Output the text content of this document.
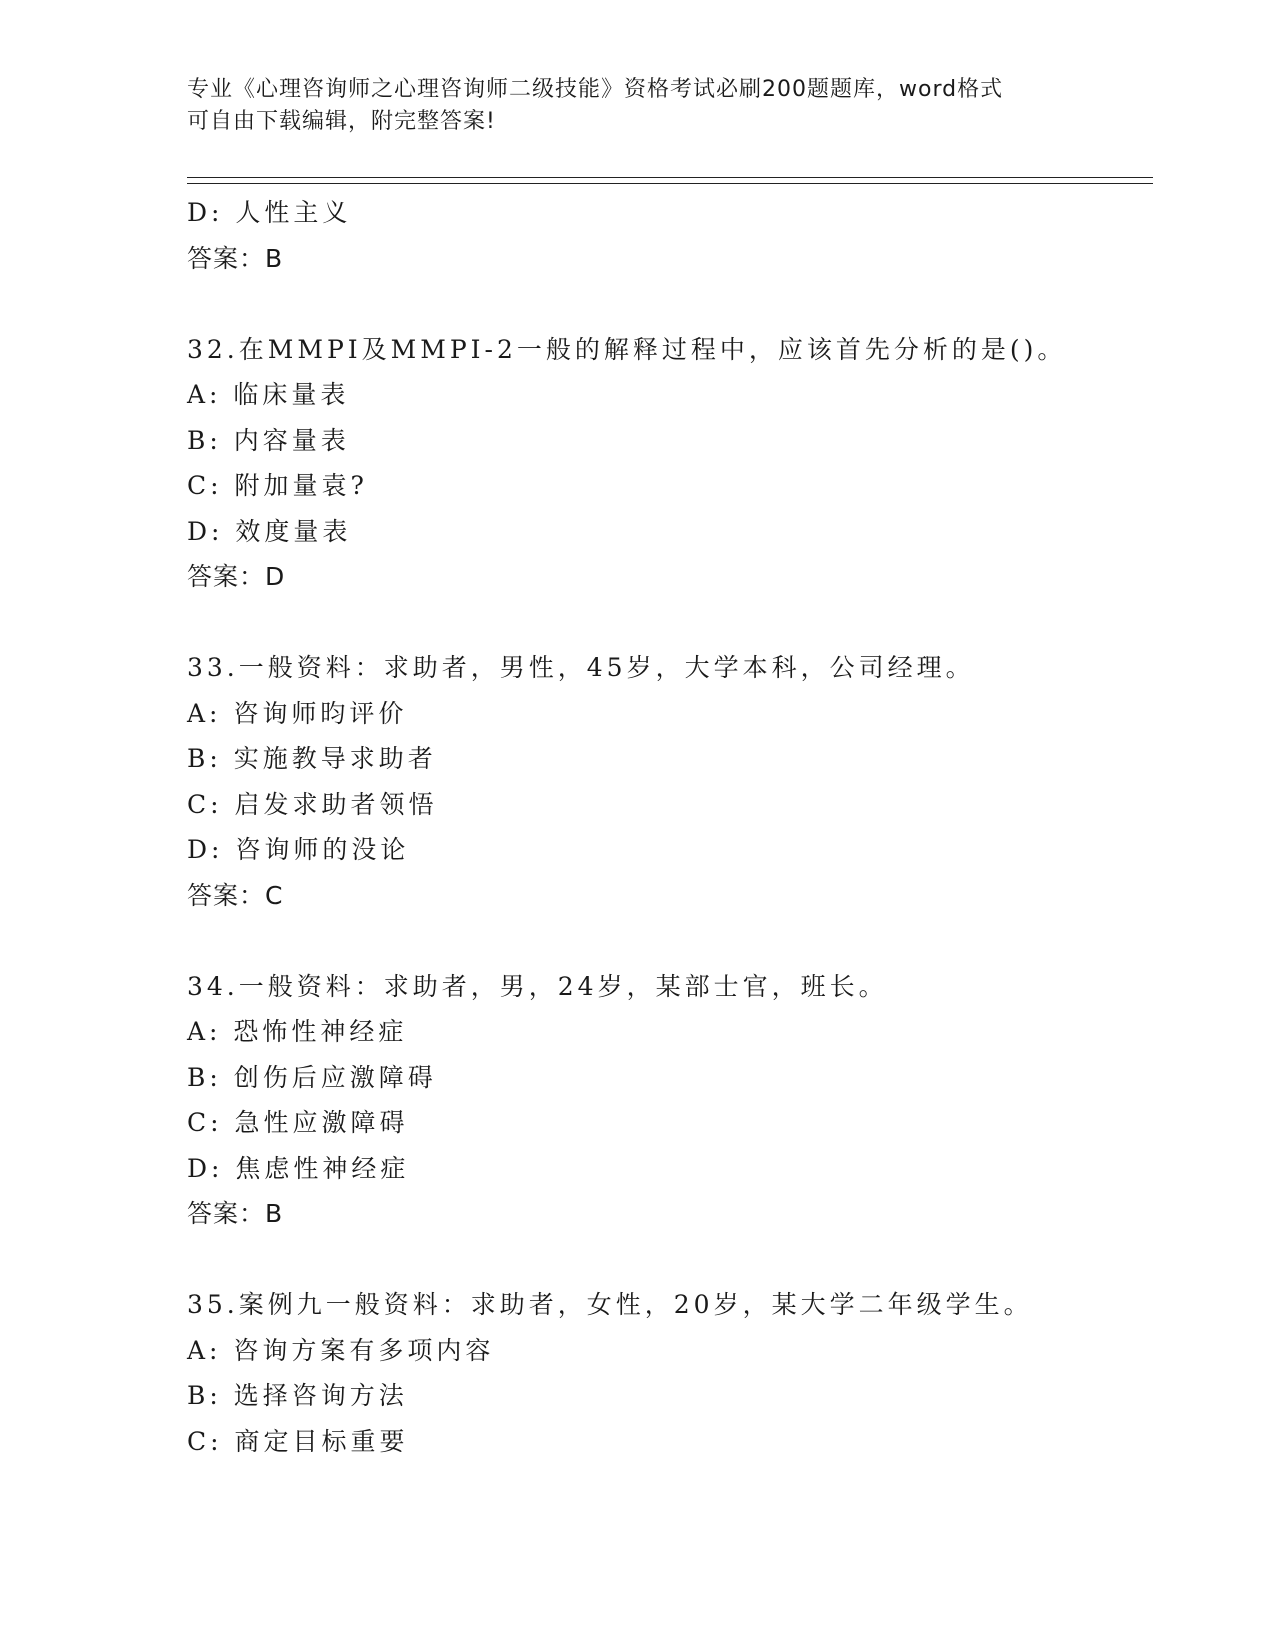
专业《心理咨询师之心理咨询师二级技能》资格考试必刷200题题库，word格式
可自由下载编辑，附完整答案!
D: 人性主义
答案：B
32.在MMPI及MMPI-2一般的解释过程中，应该首先分析的是()。
A: 临床量表
B: 内容量表
C: 附加量袁?
D: 效度量表
答案：D
33.一般资料：求助者，男性，45岁，大学本科，公司经理。
A: 咨询师昀评价
B: 实施教导求助者
C: 启发求助者领悟
D: 咨询师的没论
答案：C
34.一般资料：求助者，男，24岁，某部士官，班长。
A: 恐怖性神经症
B: 创伤后应激障碍
C: 急性应激障碍
D: 焦虑性神经症
答案：B
35.案例九一般资料：求助者，女性，20岁，某大学二年级学生。
A: 咨询方案有多项内容
B: 选择咨询方法
C: 商定目标重要
